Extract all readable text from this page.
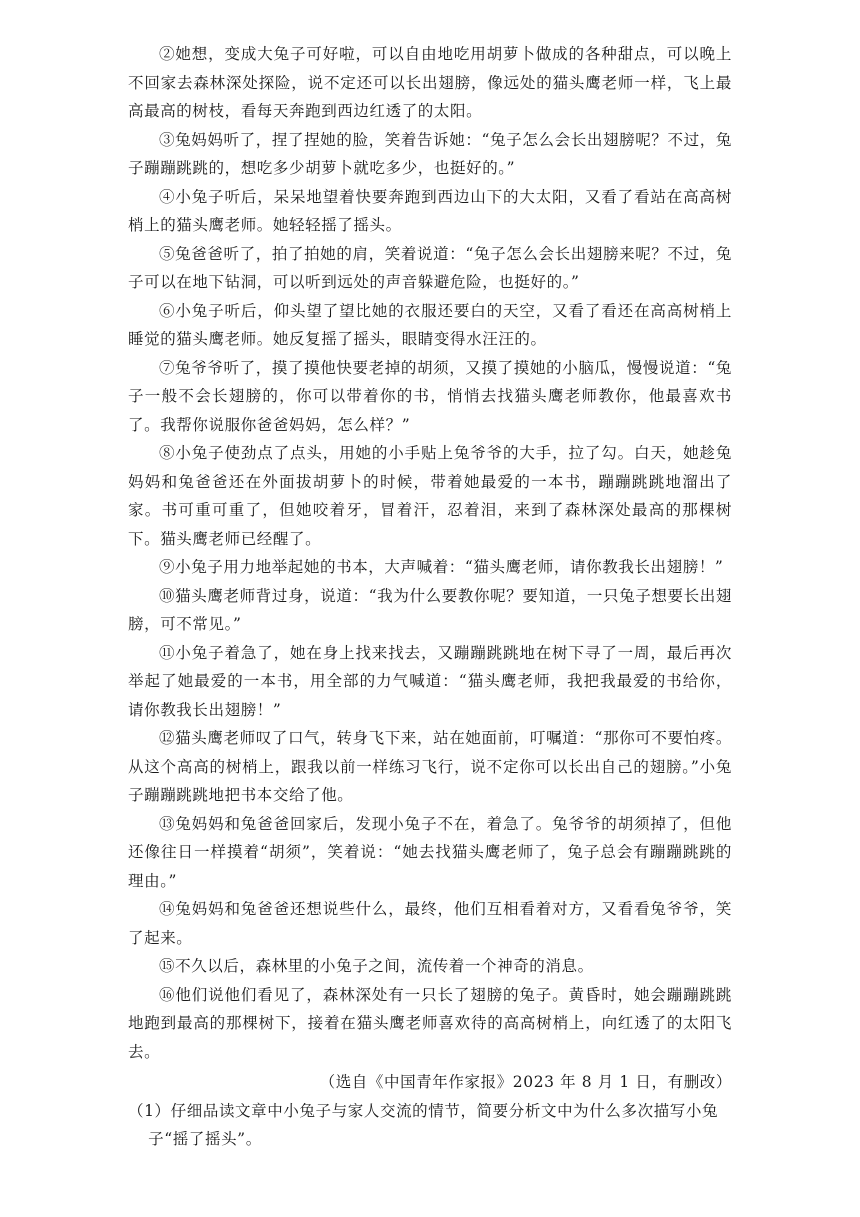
②她想，变成大兔子可好啦，可以自由地吃用胡萝卜做成的各种甜点，可以晚上不回家去森林深处探险，说不定还可以长出翅膀，像远处的猫头鹰老师一样，飞上最高最高的树枝，看每天奔跑到西边红透了的太阳。

③兔妈妈听了，捏了捏她的脸，笑着告诉她：“兔子怎么会长出翅膀呢？不过，兔子蹦蹦跳跳的，想吃多少胡萝卜就吃多少，也挺好的。”

④小兔子听后，呆呆地望着快要奔跑到西边山下的大太阳，又看了看站在高高树梢上的猫头鹰老师。她轻轻摇了摇头。

⑤兔爸爸听了，拍了拍她的肩，笑着说道：“兔子怎么会长出翅膀来呢？不过，兔子可以在地下钻洞，可以听到远处的声音躲避危险，也挺好的。”

⑥小兔子听后，仰头望了望比她的衣服还要白的天空，又看了看还在高高树梢上睡觉的猫头鹰老师。她反复摇了摇头，眼睛变得水汪汪的。

⑦兔爷爷听了，摸了摸他快要老掉的胡须，又摸了摸她的小脑瓜，慢慢说道：“兔子一般不会长翅膀的，你可以带着你的书，悄悄去找猫头鹰老师教你，他最喜欢书了。我帮你说服你爸爸妈妈，怎么样？”

⑧小兔子使劲点了点头，用她的小手贴上兔爷爷的大手，拉了勾。白天，她趁兔妈妈和兔爸爸还在外面拔胡萝卜的时候，带着她最爱的一本书，蹦蹦跳跳地溜出了家。书可重可重了，但她咬着牙，冒着汗，忍着泪，来到了森林深处最高的那棵树下。猫头鹰老师已经醒了。

⑨小兔子用力地举起她的书本，大声喊着：“猫头鹰老师，请你教我长出翅膀！”

⑩猫头鹰老师背过身，说道：“我为什么要教你呢？要知道，一只兔子想要长出翅膀，可不常见。”

⑪小兔子着急了，她在身上找来找去，又蹦蹦跳跳地在树下寻了一周，最后再次举起了她最爱的一本书，用全部的力气喊道：“猫头鹰老师，我把我最爱的书给你，请你教我长出翅膀！”

⑫猫头鹰老师叹了口气，转身飞下来，站在她面前，叮嘱道：“那你可不要怕疼。从这个高高的树梢上，跟我以前一样练习飞行，说不定你可以长出自己的翅膀。”小兔子蹦蹦跳跳地把书本交给了他。

⑬兔妈妈和兔爸爸回家后，发现小兔子不在，着急了。兔爷爷的胡须掉了，但他还像往日一样摸着“胡须”，笑着说：“她去找猫头鹰老师了，兔子总会有蹦蹦跳跳的理由。”

⑭兔妈妈和兔爸爸还想说些什么，最终，他们互相看着对方，又看看兔爷爷，笑了起来。

⑮不久以后，森林里的小兔子之间，流传着一个神奇的消息。

⑯他们说他们看见了，森林深处有一只长了翅膀的兔子。黄昏时，她会蹦蹦跳跳地跑到最高的那棵树下，接着在猫头鹰老师喜欢待的高高树梢上，向红透了的太阳飞去。

（选自《中国青年作家报》2023 年 8 月 1 日，有删改）

（1）仔细品读文章中小兔子与家人交流的情节，简要分析文中为什么多次描写小兔子“摇了摇头”。
